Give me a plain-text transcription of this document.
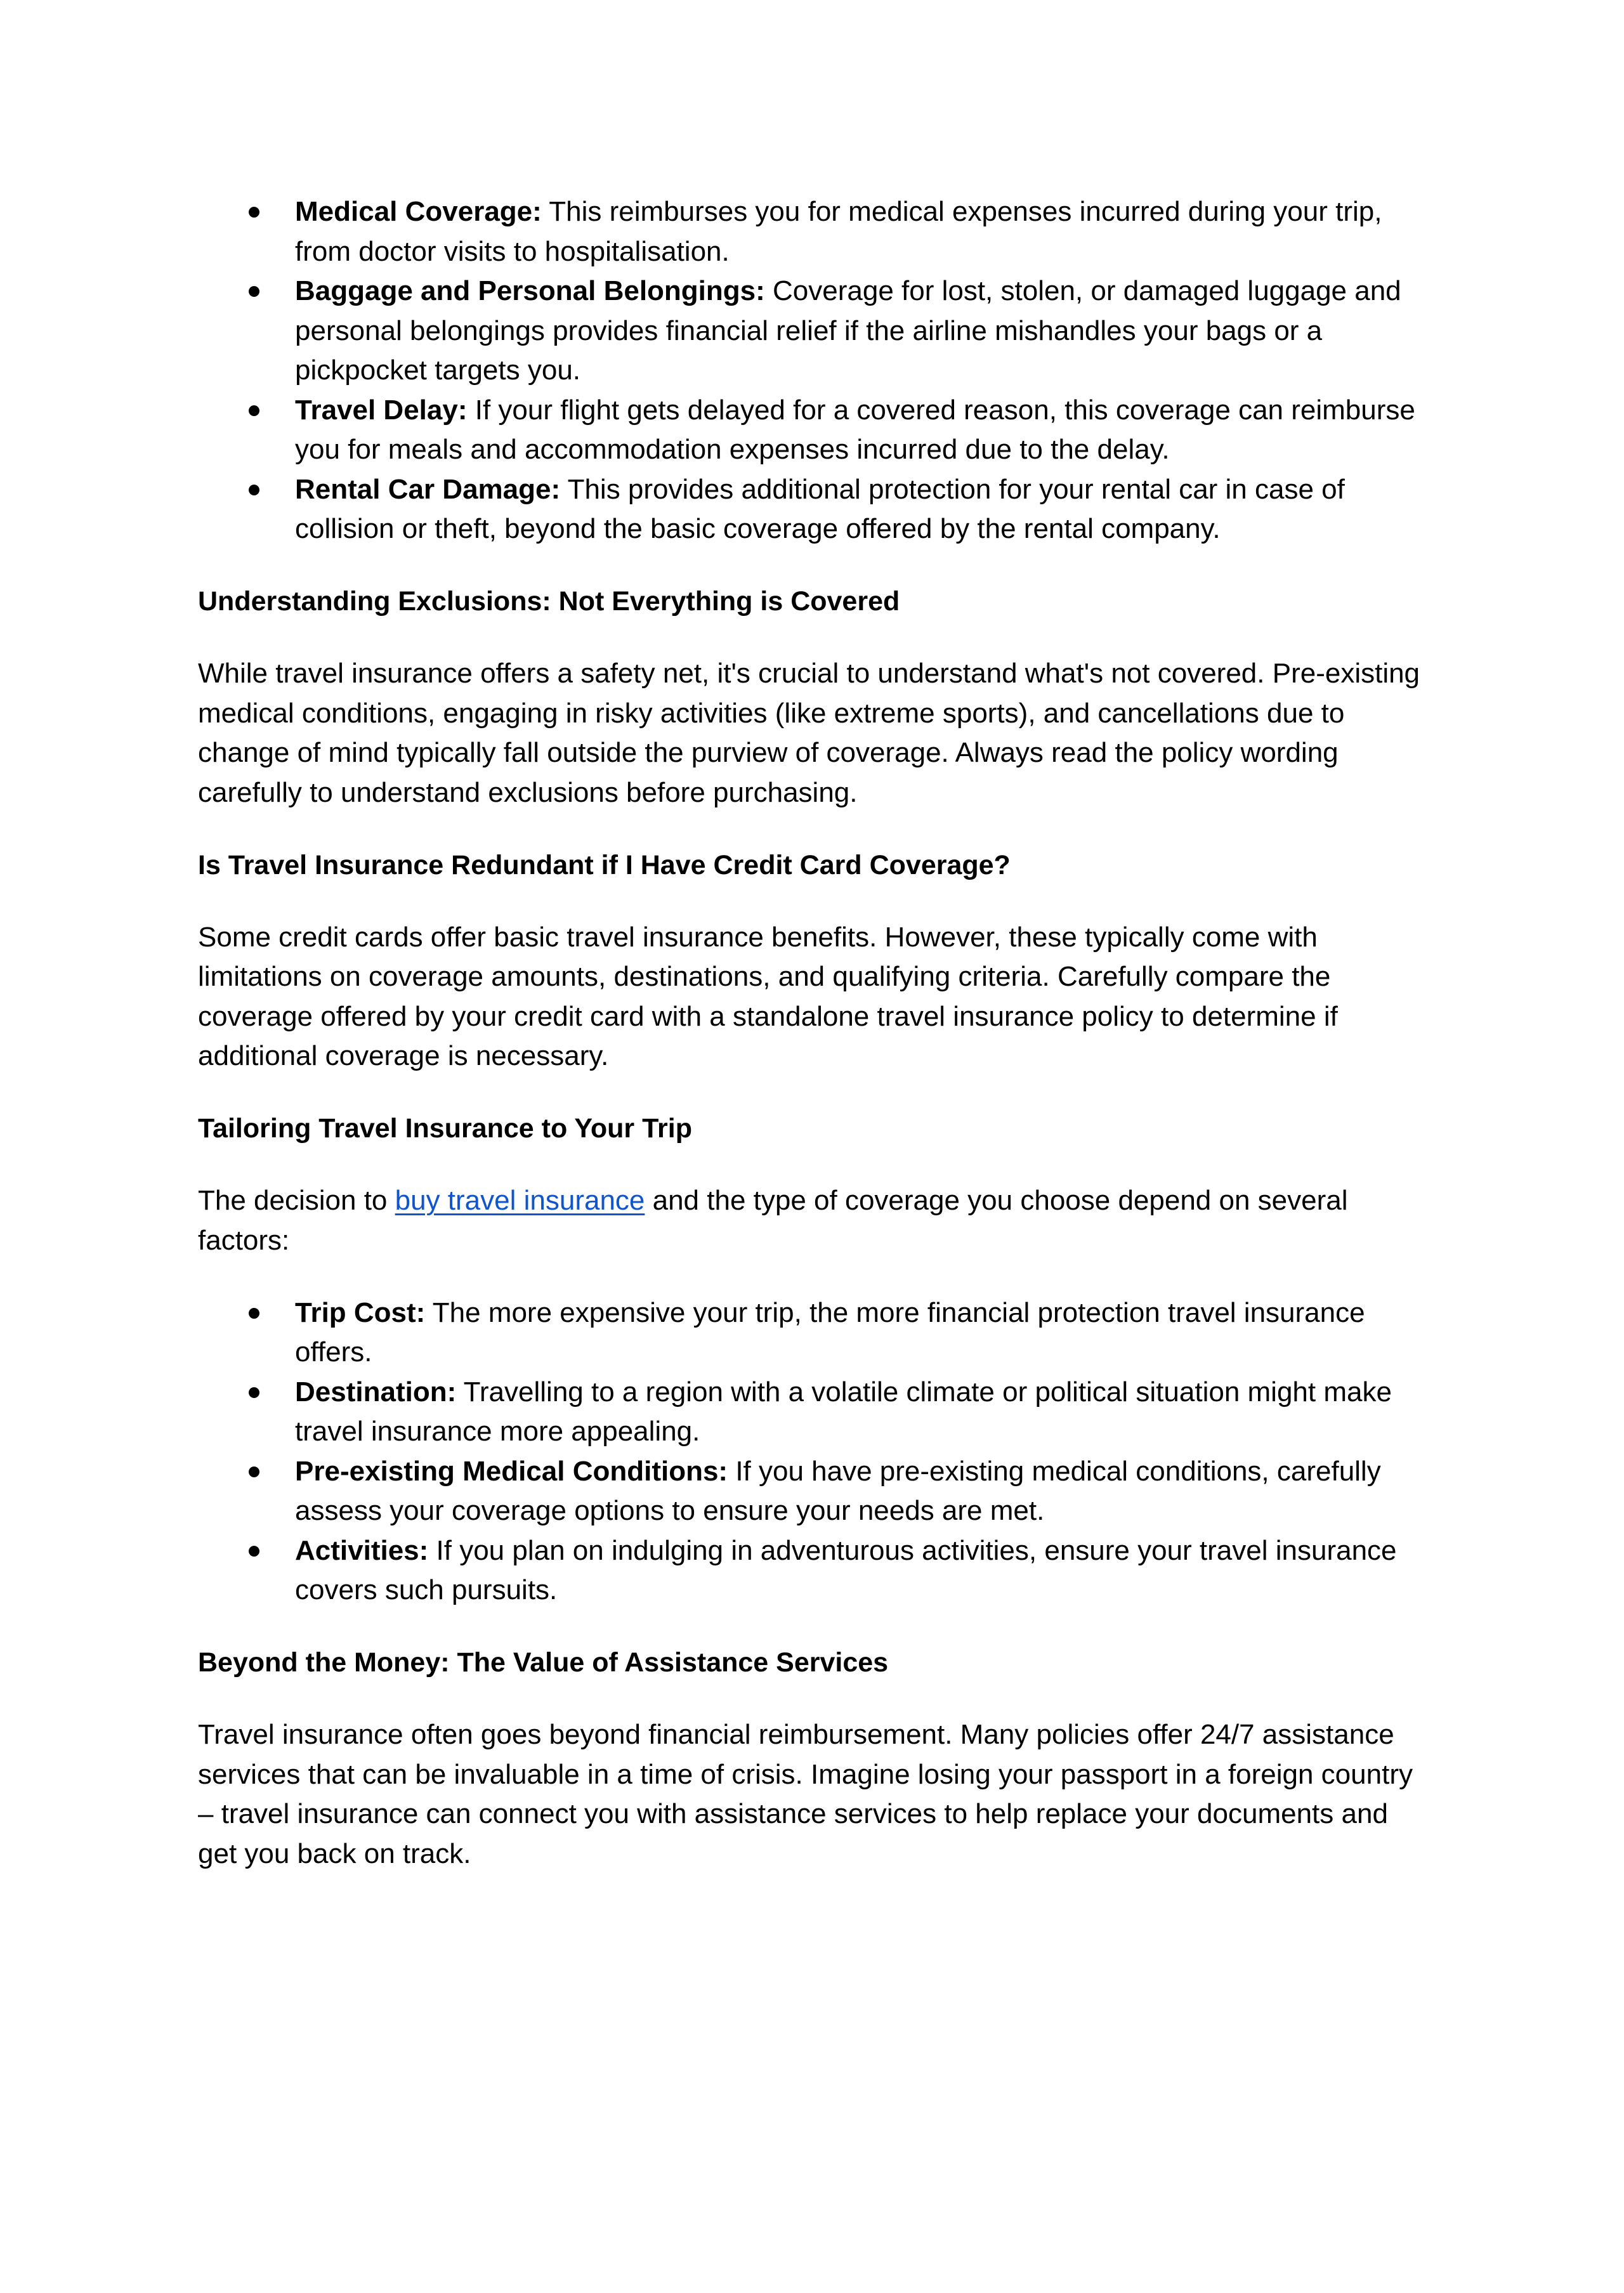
Medical Coverage: This reimburses you for medical expenses incurred during your trip, from doctor visits to hospitalisation.
Baggage and Personal Belongings: Coverage for lost, stolen, or damaged luggage and personal belongings provides financial relief if the airline mishandles your bags or a pickpocket targets you.
Travel Delay: If your flight gets delayed for a covered reason, this coverage can reimburse you for meals and accommodation expenses incurred due to the delay.
Rental Car Damage: This provides additional protection for your rental car in case of collision or theft, beyond the basic coverage offered by the rental company.
Understanding Exclusions: Not Everything is Covered

While travel insurance offers a safety net, it's crucial to understand what's not covered. Pre-existing medical conditions, engaging in risky activities (like extreme sports), and cancellations due to change of mind typically fall outside the purview of coverage. Always read the policy wording carefully to understand exclusions before purchasing.

Is Travel Insurance Redundant if I Have Credit Card Coverage?

Some credit cards offer basic travel insurance benefits. However, these typically come with limitations on coverage amounts, destinations, and qualifying criteria. Carefully compare the coverage offered by your credit card with a standalone travel insurance policy to determine if additional coverage is necessary.

Tailoring Travel Insurance to Your Trip

The decision to buy travel insurance and the type of coverage you choose depend on several factors:

Trip Cost: The more expensive your trip, the more financial protection travel insurance offers.
Destination: Travelling to a region with a volatile climate or political situation might make travel insurance more appealing.
Pre-existing Medical Conditions: If you have pre-existing medical conditions, carefully assess your coverage options to ensure your needs are met.
Activities: If you plan on indulging in adventurous activities, ensure your travel insurance covers such pursuits.
Beyond the Money: The Value of Assistance Services

Travel insurance often goes beyond financial reimbursement. Many policies offer 24/7 assistance services that can be invaluable in a time of crisis. Imagine losing your passport in a foreign country – travel insurance can connect you with assistance services to help replace your documents and get you back on track.
